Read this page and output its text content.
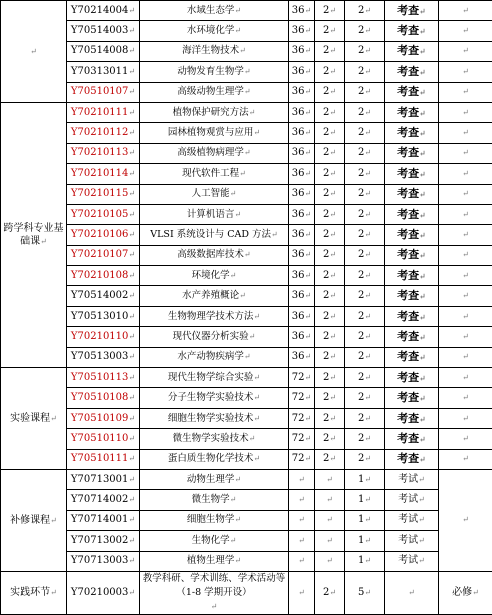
↵	Y70214004↵	水域生态学↵	36↵	2↵	2↵	考查↵	↵
	Y70514003↵	水环境化学↵	36↵	2↵	2↵	考查↵	↵
	Y70514008↵	海洋生物技术↵	36↵	2↵	2↵	考查↵	↵
	Y70313011↵	动物发育生物学↵	36↵	2↵	2↵	考查↵	↵
	Y70510107↵	高级动物生理学↵	36↵	2↵	2↵	考查↵	↵
跨学科专业基础课↵	Y70210111↵	植物保护研究方法↵	36↵	2↵	2↵	考查↵	↵
	Y70210112↵	园林植物观赏与应用↵	36↵	2↵	2↵	考查↵	↵
	Y70210113↵	高级植物病理学↵	36↵	2↵	2↵	考查↵	↵
	Y70210114↵	现代软件工程↵	36↵	2↵	2↵	考查↵	↵
	Y70210115↵	人工智能↵	36↵	2↵	2↵	考查↵	↵
	Y70210105↵	计算机语言↵	36↵	2↵	2↵	考查↵	↵
	Y70210106↵	VLSI 系统设计与 CAD 方法↵	36↵	2↵	2↵	考查↵	↵
	Y70210107↵	高级数据库技术↵	36↵	2↵	2↵	考查↵	↵
	Y70210108↵	环境化学↵	36↵	2↵	2↵	考查↵	↵
	Y70514002↵	水产养殖概论↵	36↵	2↵	2↵	考查↵	↵
	Y70513010↵	生物物理学技术方法↵	36↵	2↵	2↵	考查↵	↵
	Y70210110↵	现代仪器分析实验↵	36↵	2↵	2↵	考查↵	↵
	Y70513003↵	水产动物疾病学↵	36↵	2↵	2↵	考查↵	↵
实验课程↵	Y70510113↵	现代生物学综合实验↵	72↵	2↵	2↵	考查↵	↵
	Y70510108↵	分子生物学实验技术↵	72↵	2↵	2↵	考查↵	↵
	Y70510109↵	细胞生物学实验技术↵	72↵	2↵	2↵	考查↵	↵
	Y70510110↵	微生物学实验技术↵	72↵	2↵	2↵	考查↵	↵
	Y70510111↵	蛋白质生物化学技术↵	72↵	2↵	2↵	考查↵	↵
补修课程↵	Y70713001↵	动物生理学↵	↵	↵	1↵	考试↵	↵
	Y70714002↵	微生物学↵	↵	↵	1↵	考试↵	
	Y70714001↵	细胞生物学↵	↵	↵	1↵	考试↵	
	Y70713002↵	生物化学↵	↵	↵	1↵	考试↵	
	Y70713003↵	植物生理学↵	↵	↵	1↵	考试↵	
实践环节↵	Y70210003↵	教学科研、学术训练、学术活动等
（1-8 学期开设）
↵	↵	2↵	5↵	↵	必修↵
